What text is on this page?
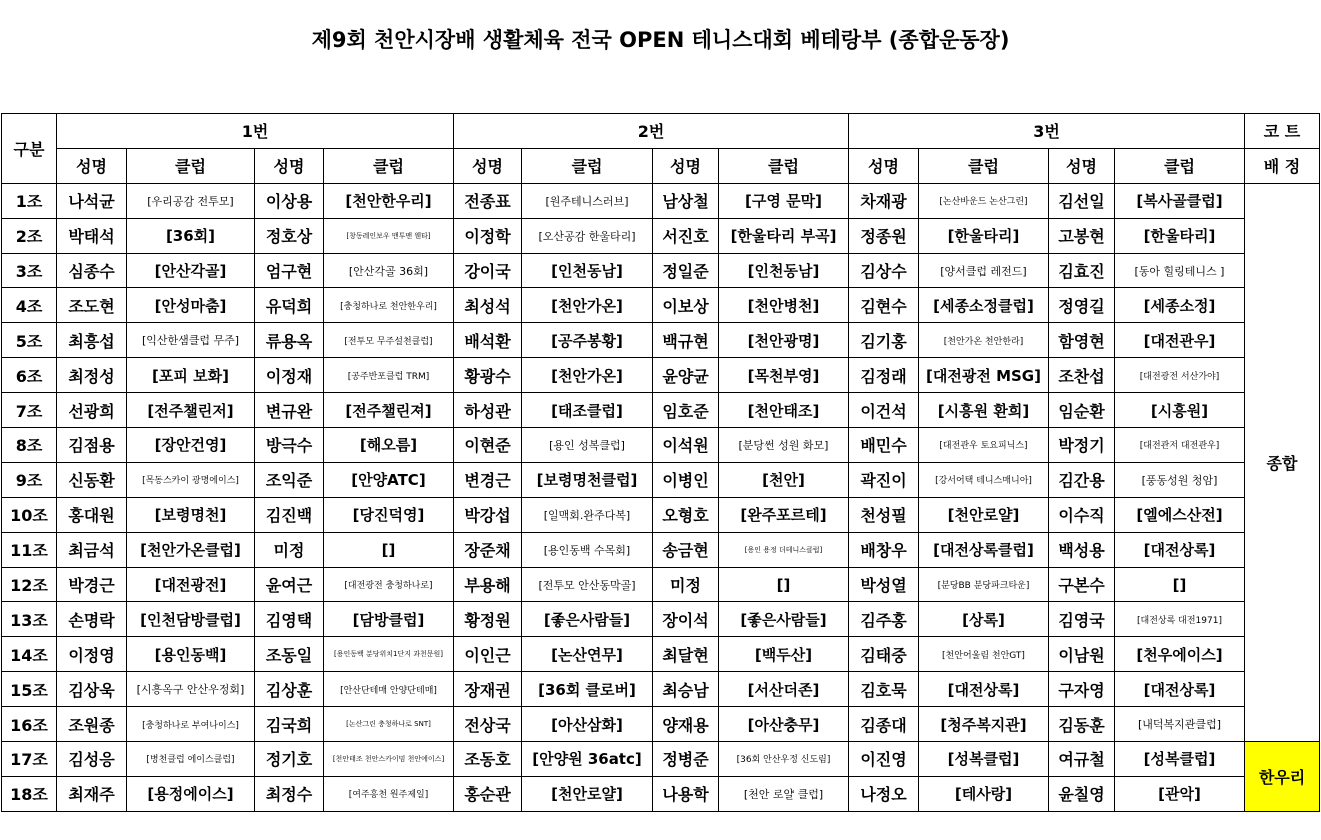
제9회 천안시장배 생활체육 전국 OPEN 테니스대회 베테랑부 (종합운동장)
구분	1번				2번				3번				코 트
	성명	클럽	성명	클럽	성명	클럽	성명	클럽	성명	클럽	성명	클럽	배 정
1조	나석균	[우리공감 전투모]	이상용	[천안한우리]	전종표	[원주테니스러브]	남상철	[구영 문막]	차재광	[논산바운드 논산그린]	김선일	[복사골클럽]	종합
2조	박태석	[36회]	정호상	[창동레인보우 맨투맨 웬타]	이정학	[오산공감 한울타리]	서진호	[한울타리 부곡]	정종원	[한울타리]	고봉현	[한울타리]	
3조	심종수	[안산각골]	엄구현	[안산각골 36회]	강이국	[인천동남]	정일준	[인천동남]	김상수	[양서클럽 레전드]	김효진	[동아 힐링테니스 ]	
4조	조도현	[안성마춤]	유덕희	[충청하나로 천안한우리]	최성석	[천안가온]	이보상	[천안병천]	김현수	[세종소정클럽]	정영길	[세종소정]	
5조	최흥섭	[익산한샘클럽 무주]	류용옥	[전투모 무주설천클럽]	배석환	[공주봉황]	백규현	[천안광명]	김기홍	[천안가온 천안한라]	함영현	[대전관우]	
6조	최정성	[포피 보화]	이정재	[공주반포클럽 TRM]	황광수	[천안가온]	윤양균	[목천부영]	김정래	[대전광전 MSG]	조찬섭	[대전광전 서산가야]	
7조	선광희	[전주챌린저]	변규완	[전주챌린져]	하성관	[태조클럽]	임호준	[천안태조]	이건석	[시흥원 환희]	임순환	[시흥원]	
8조	김점용	[장안건영]	방극수	[해오름]	이현준	[용인 성복클럽]	이석원	[분당썬 성원 화모]	배민수	[대전관우 토요피닉스]	박정기	[대전관저 대전관우]	
9조	신동환	[목동스카이 광명에이스]	조익준	[안양ATC]	변경근	[보령명천클럽]	이병인	[천안]	곽진이	[강서어택 테니스매니아]	김간용	[풍동성원 청암]	
10조	홍대원	[보령명천]	김진백	[당진덕영]	박강섭	[일맥회.완주다복]	오형호	[완주포르테]	천성필	[천안로얄]	이수직	[엘에스산전]	
11조	최금석	[천안가온클럽]	미정	[]	장준채	[용인동백 수목회]	송금현	[용인 용정 더테니스클럽]	배창우	[대전상록클럽]	백성용	[대전상록]	
12조	박경근	[대전광전]	윤여근	[대전광전 충청하나로]	부용해	[전투모 안산동막골]	미정	[]	박성열	[분당BB 분당파크타운]	구본수	[]	
13조	손명락	[인천담방클럽]	김영택	[담방클럽]	황정원	[좋은사람들]	장이석	[좋은사람들]	김주홍	[상록]	김영국	[대전상록 대전1971]	
14조	이정영	[용인동백]	조동일	[용인동백 분당위치1단지 과천문원]	이인근	[논산연무]	최달현	[백두산]	김태중	[천안어울림 천안GT]	이남원	[천우에이스]	
15조	김상욱	[시흥옥구 안산우정회]	김상훈	[안산단테매 안양단테매]	장재권	[36회 클로버]	최승남	[서산더존]	김호묵	[대전상록]	구자영	[대전상록]	
16조	조원종	[충청하나로 부여나이스]	김국희	[논산그린 충청하나로 SNT]	전상국	[아산삼화]	양재용	[아산충무]	김종대	[청주복지관]	김동훈	[내덕복지관클럽]	
17조	김성응	[병천클럽 에이스클럽]	정기호	[천안태조 천안스카이밈 천안에이스]	조동호	[안양원 36atc]	정병준	[36회 안산우정 신도림]	이진영	[성복클럽]	여규철	[성복클럽]	한우리
18조	최재주	[용정에이스]	최정수	[여주흥천 원주제일]	홍순관	[천안로얄]	나용학	[천안 로얄 클럽]	나정오	[테사랑]	윤칠영	[관악]	
